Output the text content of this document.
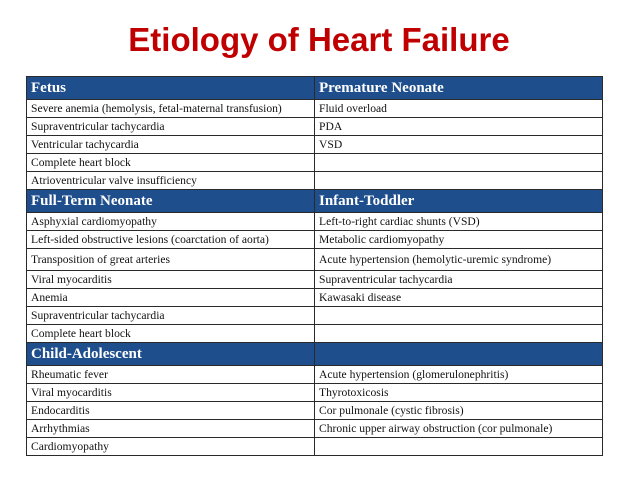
Etiology of Heart Failure
Fetus	Premature Neonate
Severe anemia (hemolysis, fetal-maternal transfusion)	Fluid overload
Supraventricular tachycardia	PDA
Ventricular tachycardia	VSD
Complete heart block	
Atrioventricular valve insufficiency	
Full-Term Neonate	Infant-Toddler
Asphyxial cardiomyopathy	Left-to-right cardiac shunts (VSD)
Left-sided obstructive lesions (coarctation of aorta)	Metabolic cardiomyopathy
Transposition of great arteries	Acute hypertension (hemolytic-uremic syndrome)
Viral myocarditis	Supraventricular tachycardia
Anemia	Kawasaki disease
Supraventricular tachycardia	
Complete heart block	
Child-Adolescent	
Rheumatic fever	Acute hypertension (glomerulonephritis)
Viral myocarditis	Thyrotoxicosis
Endocarditis	Cor pulmonale (cystic fibrosis)
Arrhythmias	Chronic upper airway obstruction (cor pulmonale)
Cardiomyopathy	
